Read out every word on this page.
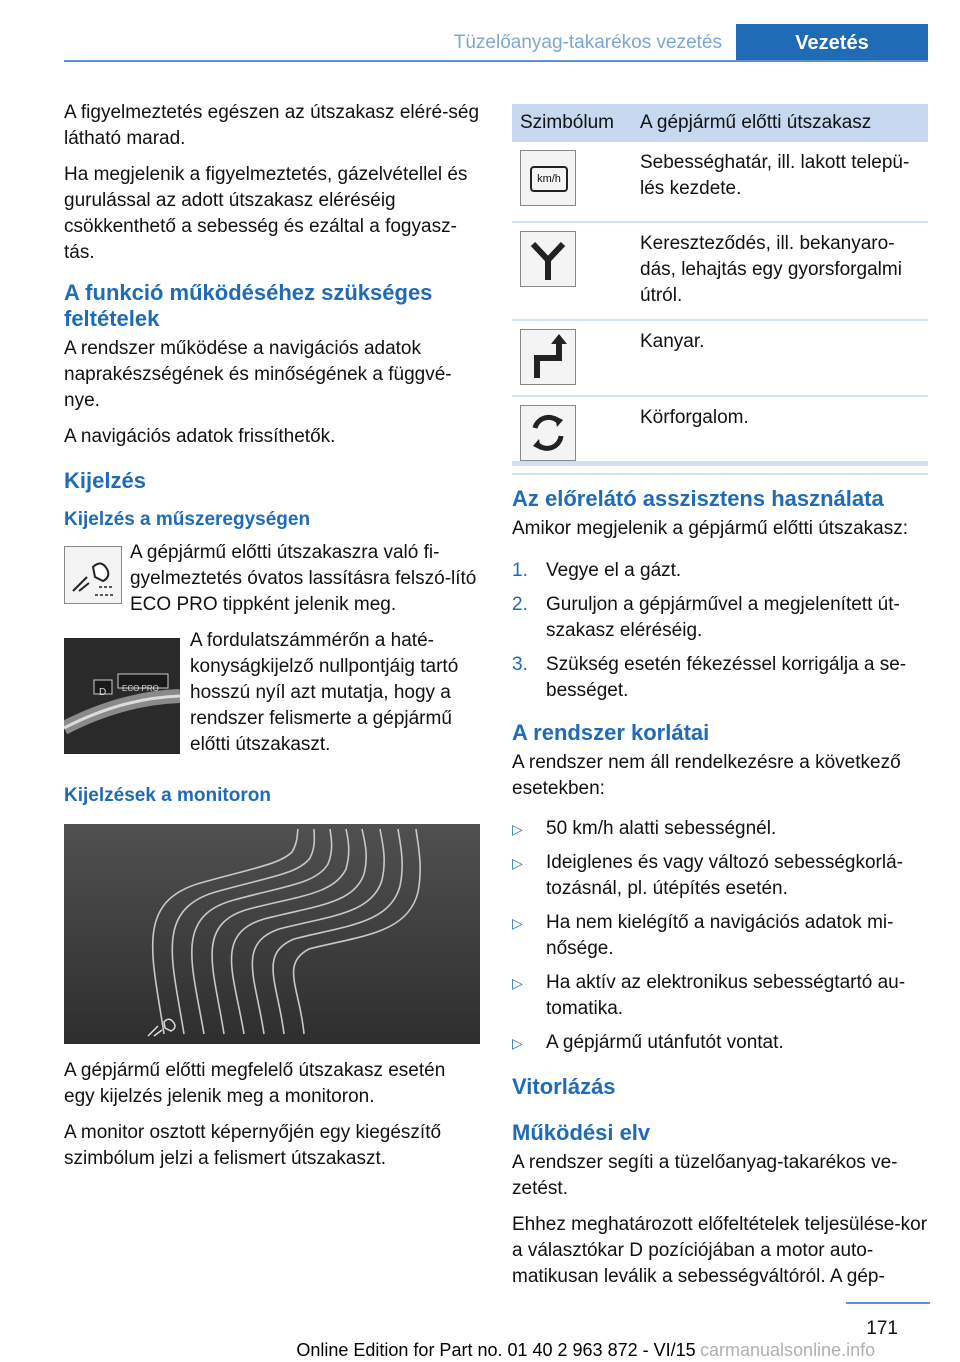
Tüzelőanyag-takarékos vezetés	Vezetés

A figyelmeztetés egészen az útszakasz eléré-ség látható marad.

Ha megjelenik a figyelmeztetés, gázelvétellel és gurulással az adott útszakasz eléréséig csökkenthető a sebesség és ezáltal a fogyasz-tás.

A funkció működéséhez szükséges feltételek

A rendszer működése a navigációs adatok naprakészségének és minőségének a függvé-nye.

A navigációs adatok frissíthetők.

Kijelzés
Kijelzés a műszeregységen
A gépjármű előtti útszakaszra való fi-gyelmeztetés óvatos lassításra felszó-lító ECO PRO tippként jelenik meg.
D ECO PRO
A fordulatszámmérőn a haté-konyságkijelző nullpontjáig tartó hosszú nyíl azt mutatja, hogy a rendszer felismerte a gépjármű előtti útszakaszt.
Kijelzések a monitoron

A gépjármű előtti megfelelő útszakasz esetén egy kijelzés jelenik meg a monitoron.

A monitor osztott képernyőjén egy kiegészítő szimbólum jelzi a felismert útszakaszt.

Szimbólum	A gépjármű előtti útszakasz

km/h	Sebességhatár, ill. lakott telepü-lés kezdete.

	Kereszteződés, ill. bekanyaro-dás, lehajtás egy gyorsforgalmi útról.

	Kanyar.

	Körforgalom.
Az előrelátó asszisztens használata

Amikor megjelenik a gépjármű előtti útszakasz:

1. Vegye el a gázt.
2. Guruljon a gépjárművel a megjelenített út-szakasz eléréséig.
3. Szükség esetén fékezéssel korrigálja a se-bességet.
A rendszer korlátai

A rendszer nem áll rendelkezésre a következő esetekben:

▷ 50 km/h alatti sebességnél.
▷ Ideiglenes és vagy változó sebességkorlá-tozásnál, pl. útépítés esetén.
▷ Ha nem kielégítő a navigációs adatok mi-nősége.
▷ Ha aktív az elektronikus sebességtartó au-tomatika.
▷ A gépjármű utánfutót vontat.
Vitorlázás
Működési elv

A rendszer segíti a tüzelőanyag-takarékos ve-zetést.

Ehhez meghatározott előfeltételek teljesülése-kor a választókar D pozíciójában a motor auto-matikusan leválik a sebességváltóról. A gép-

171
Online Edition for Part no. 01 40 2 963 872 - VI/15 carmanualsonline.info
